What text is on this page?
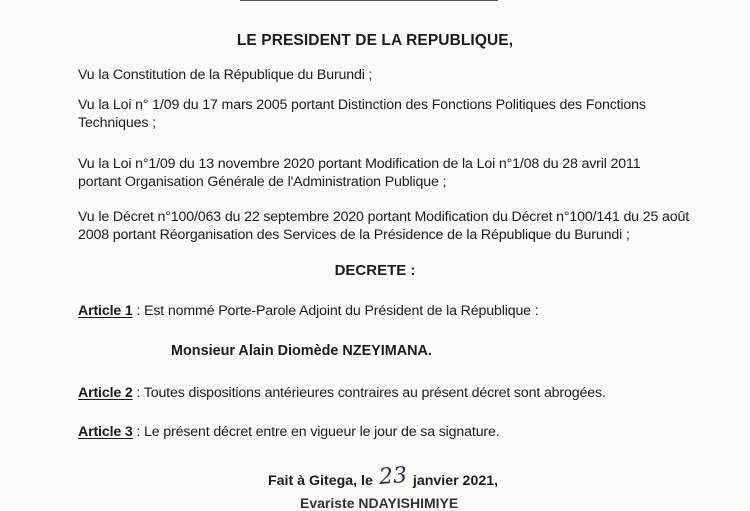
LE PRESIDENT DE LA REPUBLIQUE,
Vu la Constitution de la République du Burundi ;
Vu la Loi n° 1/09 du 17 mars 2005 portant Distinction des Fonctions Politiques des Fonctions
Techniques ;
Vu la Loi n°1/09 du 13 novembre 2020 portant Modification de la Loi n°1/08 du 28 avril 2011
portant Organisation Générale de l'Administration Publique ;
Vu le Décret n°100/063 du 22 septembre 2020 portant Modification du Décret n°100/141 du 25 août
2008 portant Réorganisation des Services de la Présidence de la République du Burundi ;
DECRETE :
Article 1 : Est nommé Porte-Parole Adjoint du Président de la République :
Monsieur Alain Diomède NZEYIMANA.
Article 2 : Toutes dispositions antérieures contraires au présent décret sont abrogées.
Article 3 : Le présent décret entre en vigueur le jour de sa signature.
Fait à Gitega, le 23 janvier 2021,
Evariste NDAYISHIMIYE
